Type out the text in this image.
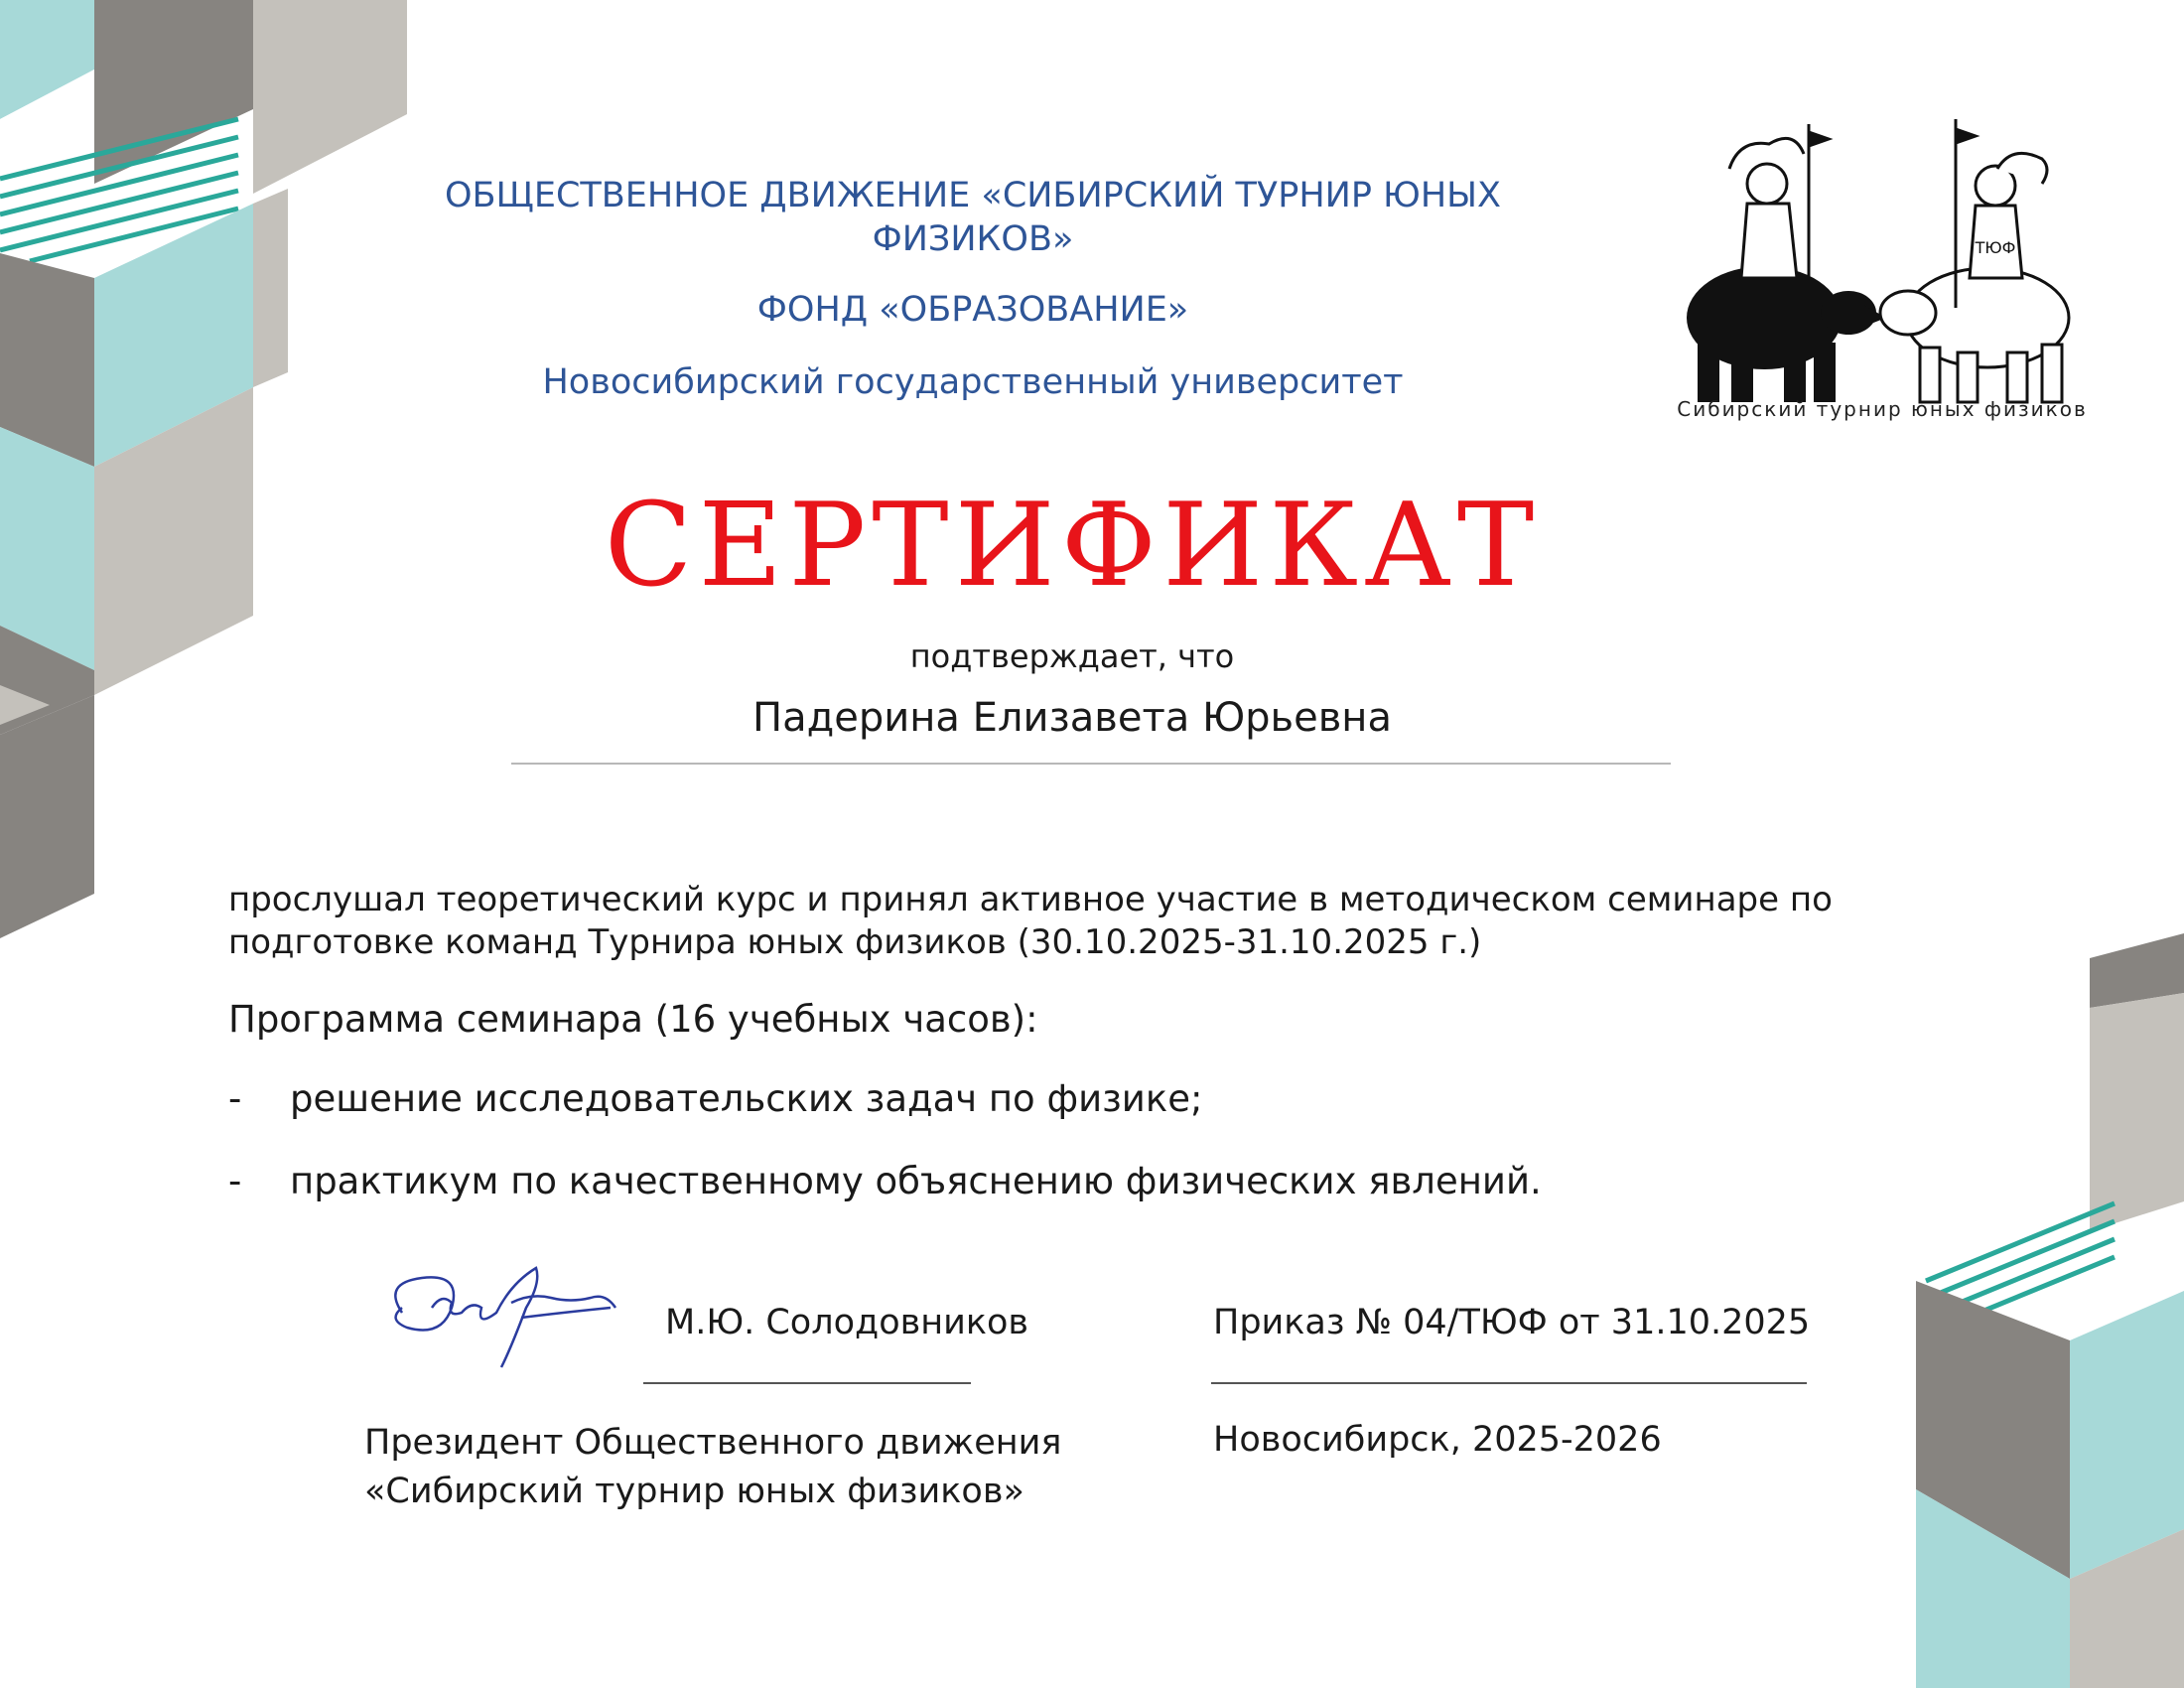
ОБЩЕСТВЕННОЕ ДВИЖЕНИЕ «СИБИРСКИЙ ТУРНИР ЮНЫХ
ФИЗИКОВ»
ФОНД «ОБРАЗОВАНИЕ»
Новосибирский государственный университет
ТЮФ
Сибирский турнир юных физиков
СЕРТИФИКАТ
подтверждает, что
Падерина Елизавета Юрьевна
прослушал теоретический курс и принял активное участие в методическом семинаре по
подготовке команд Турнира юных физиков (30.10.2025-31.10.2025 г.)
Программа семинара (16 учебных часов):
- решение исследовательских задач по физике;
- практикум по качественному объяснению физических явлений.
М.Ю. Солодовников
Президент Общественного движения
«Сибирский турнир юных физиков»
Приказ № 04/ТЮФ от 31.10.2025
Новосибирск, 2025-2026
